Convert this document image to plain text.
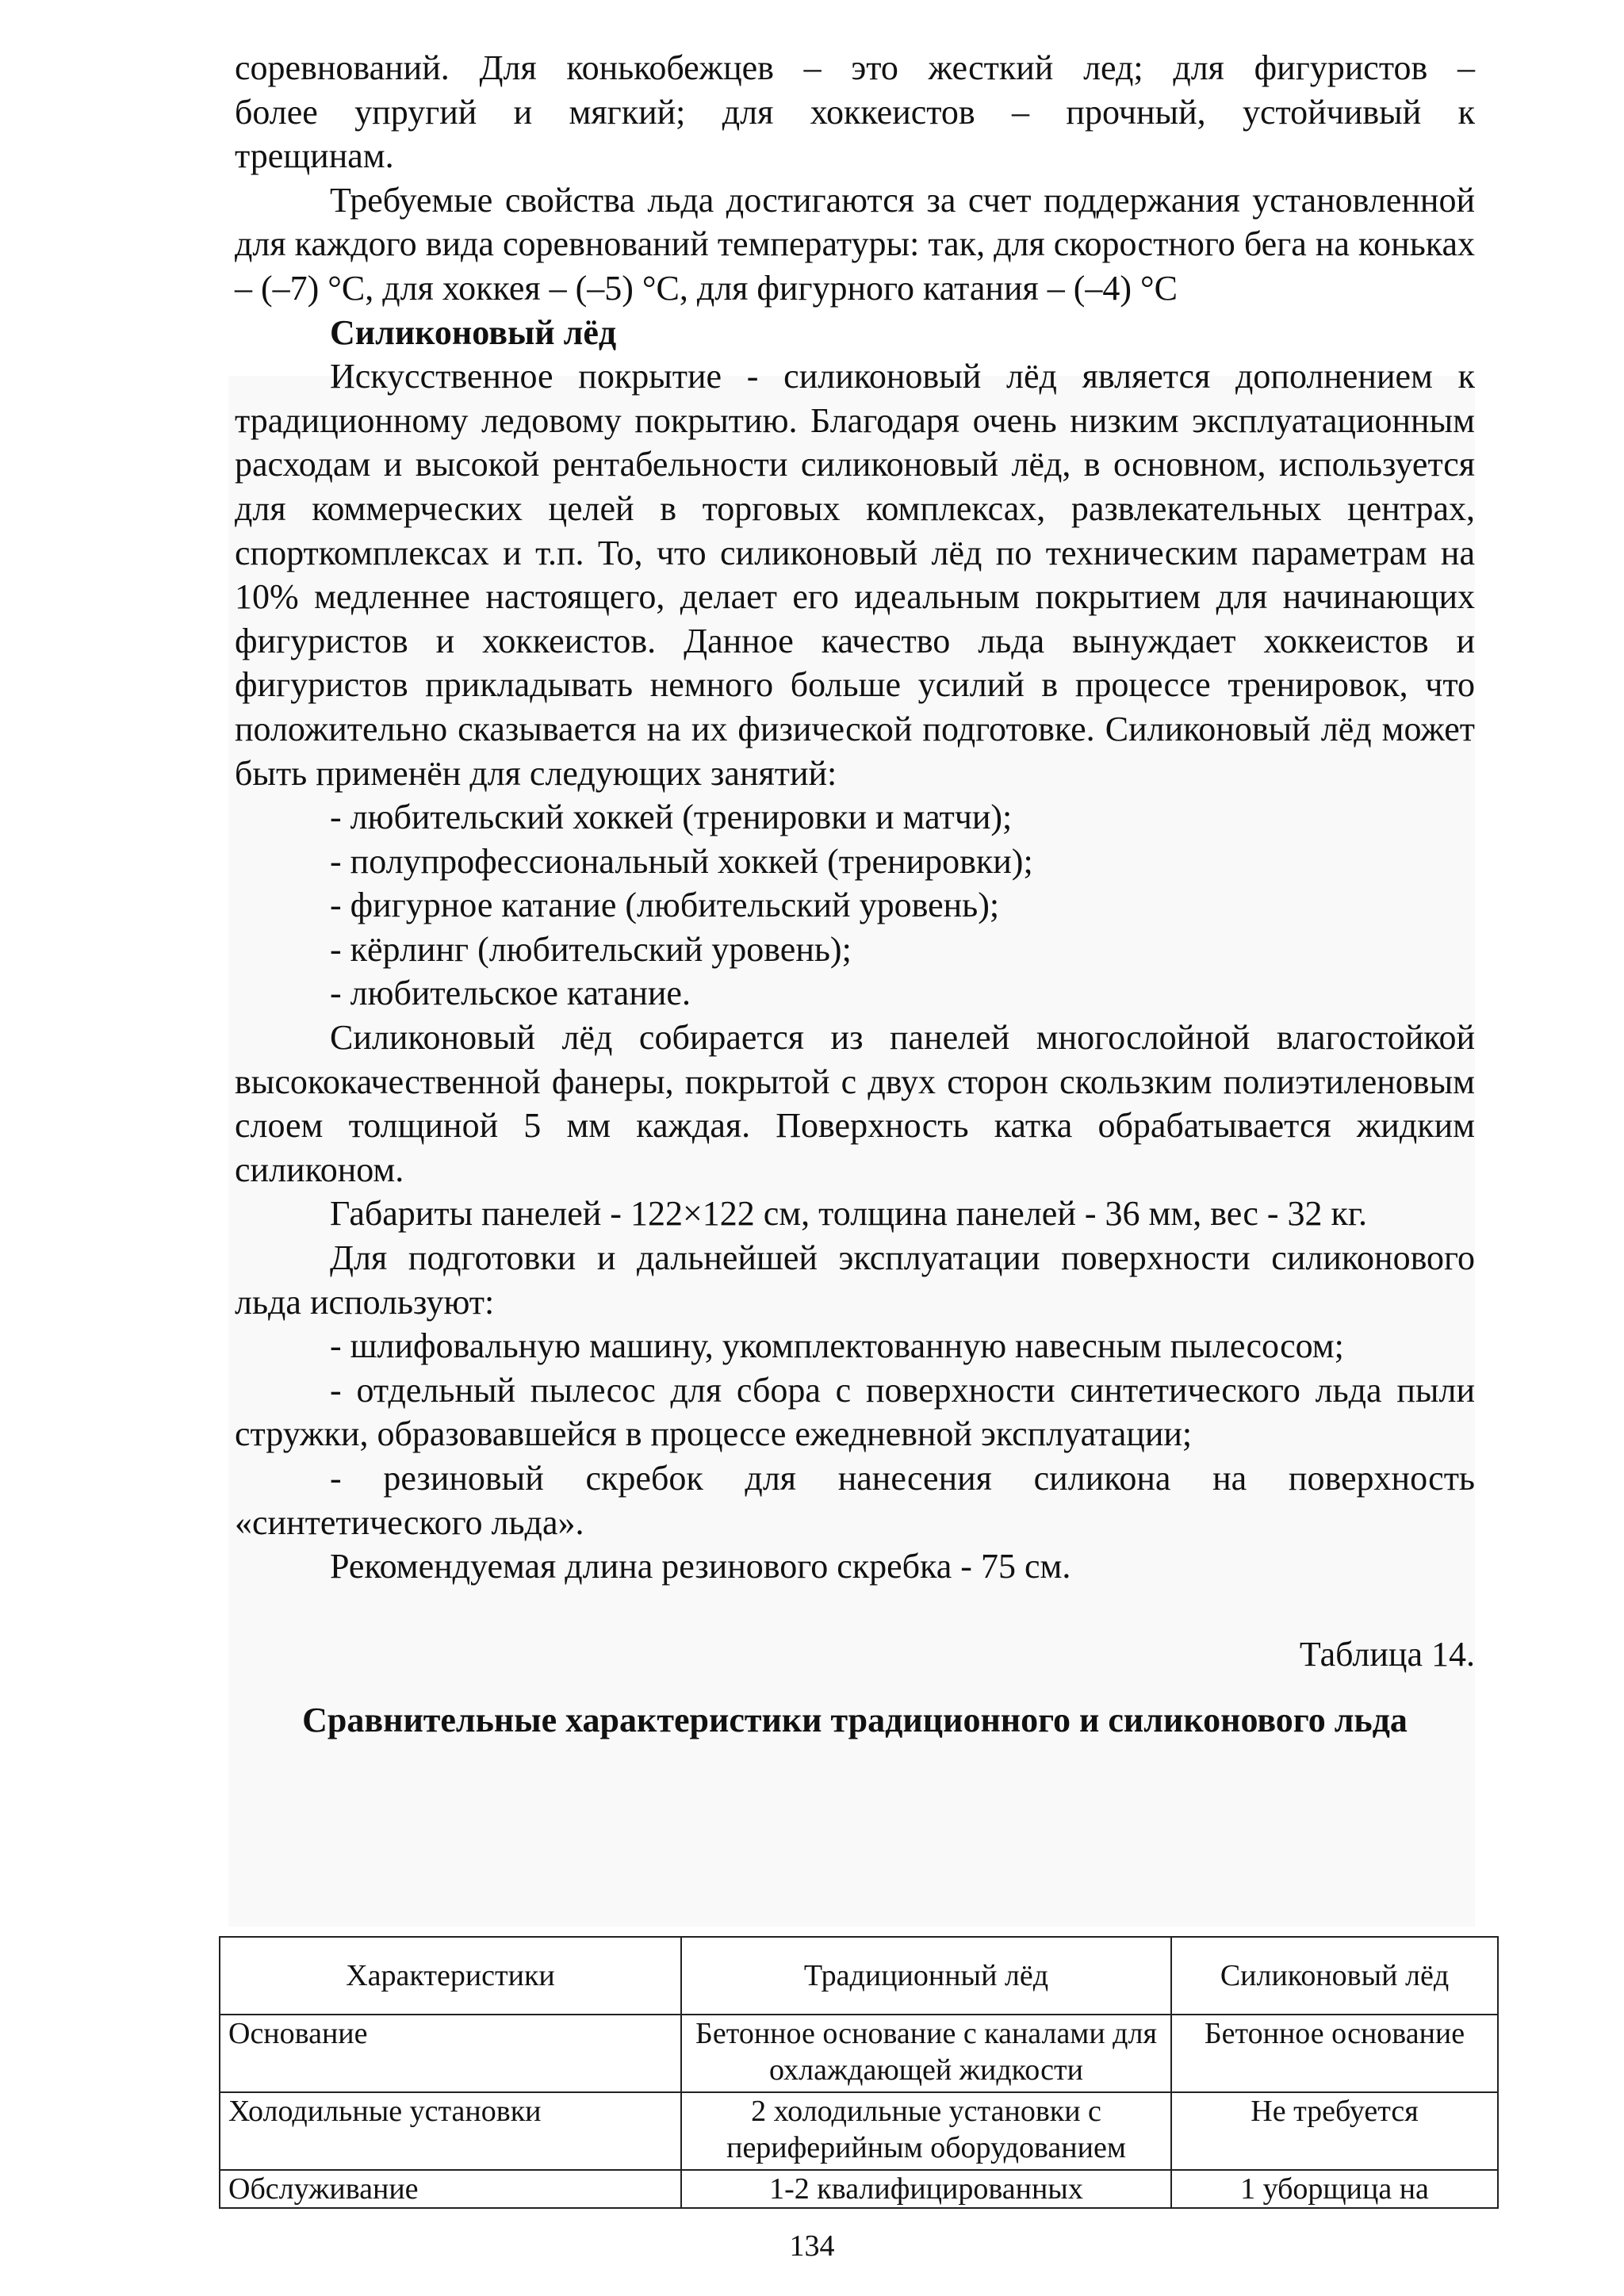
соревнований. Для конькобежцев – это жесткий лед; для фигуристов –

более упругий и мягкий; для хоккеистов – прочный, устойчивый к

трещинам.

Требуемые свойства льда достигаются за счет поддержания установленной для каждого вида соревнований температуры: так, для скоростного бега на коньках – (–7) °С, для хоккея – (–5) °С, для фигурного катания – (–4) °С

Силиконовый лёд

Искусственное покрытие - силиконовый лёд является дополнением к традиционному ледовому покрытию. Благодаря очень низким эксплуатационным расходам и высокой рентабельности силиконовый лёд, в основном, используется для коммерческих целей в торговых комплексах, развлекательных центрах, спорткомплексах и т.п. То, что силиконовый лёд по техническим параметрам на 10% медленнее настоящего, делает его идеальным покрытием для начинающих фигуристов и хоккеистов. Данное качество льда вынуждает хоккеистов и фигуристов прикладывать немного больше усилий в процессе тренировок, что положительно сказывается на их физической подготовке. Силиконовый лёд может быть применён для следующих занятий:

- любительский хоккей (тренировки и матчи);

- полупрофессиональный хоккей (тренировки);

- фигурное катание (любительский уровень);

- кёрлинг (любительский уровень);

- любительское катание.

Силиконовый лёд собирается из панелей многослойной влагостойкой высококачественной фанеры, покрытой с двух сторон скользким полиэтиленовым слоем толщиной 5 мм каждая. Поверхность катка обрабатывается жидким силиконом.

Габариты панелей - 122×122 см, толщина панелей - 36 мм, вес - 32 кг.

Для подготовки и дальнейшей эксплуатации поверхности силиконового льда используют:

- шлифовальную машину, укомплектованную навесным пылесосом;

- отдельный пылесос для сбора с поверхности синтетического льда пыли стружки, образовавшейся в процессе ежедневной эксплуатации;

- резиновый скребок для нанесения силикона на поверхность «синтетического льда».

Рекомендуемая длина резинового скребка - 75 см.

Таблица 14.

Сравнительные характеристики традиционного и силиконового льда

Характеристики	Традиционный лёд	Силиконовый лёд
Основание	Бетонное основание с каналами для охлаждающей жидкости	Бетонное основание
Холодильные установки	2 холодильные установки с периферийным оборудованием	Не требуется
Обслуживание	1-2 квалифицированных	1 уборщица на
134
